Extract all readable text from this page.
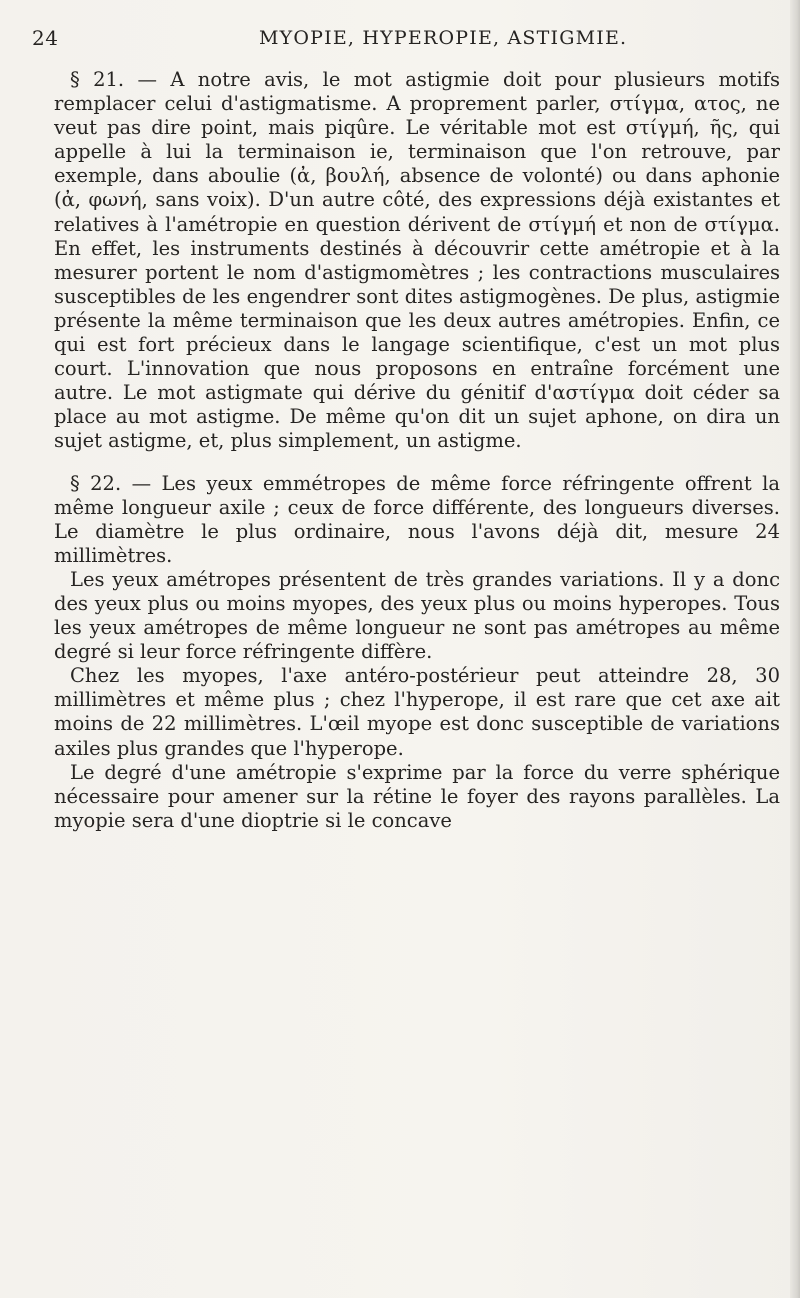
24	MYOPIE, HYPEROPIE, ASTIGMIE.

§ 21. — A notre avis, le mot astigmie doit pour plusieurs motifs remplacer celui d'astigmatisme. A proprement parler, στίγμα, ατος, ne veut pas dire point, mais piqûre. Le véritable mot est στίγμή, ῆς, qui appelle à lui la terminaison ie, terminaison que l'on retrouve, par exemple, dans aboulie (ἀ, βουλή, absence de volonté) ou dans aphonie (ἀ, φωνή, sans voix). D'un autre côté, des expressions déjà existantes et relatives à l'amétropie en question dérivent de στίγμή et non de στίγμα. En effet, les instruments destinés à découvrir cette amétropie et à la mesurer portent le nom d'astigmomètres ; les contractions musculaires susceptibles de les engendrer sont dites astigmogènes. De plus, astigmie présente la même terminaison que les deux autres amétropies. Enfin, ce qui est fort précieux dans le langage scientifique, c'est un mot plus court. L'innovation que nous proposons en entraîne forcément une autre. Le mot astigmate qui dérive du génitif d'αστίγμα doit céder sa place au mot astigme. De même qu'on dit un sujet aphone, on dira un sujet astigme, et, plus simplement, un astigme.

§ 22. — Les yeux emmétropes de même force réfringente offrent la même longueur axile ; ceux de force différente, des longueurs diverses. Le diamètre le plus ordinaire, nous l'avons déjà dit, mesure 24 millimètres.

Les yeux amétropes présentent de très grandes variations. Il y a donc des yeux plus ou moins myopes, des yeux plus ou moins hyperopes. Tous les yeux amétropes de même longueur ne sont pas amétropes au même degré si leur force réfringente diffère.

Chez les myopes, l'axe antéro-postérieur peut atteindre 28, 30 millimètres et même plus ; chez l'hyperope, il est rare que cet axe ait moins de 22 millimètres. L'œil myope est donc susceptible de variations axiles plus grandes que l'hyperope.

Le degré d'une amétropie s'exprime par la force du verre sphérique nécessaire pour amener sur la rétine le foyer des rayons parallèles. La myopie sera d'une dioptrie si le concave
